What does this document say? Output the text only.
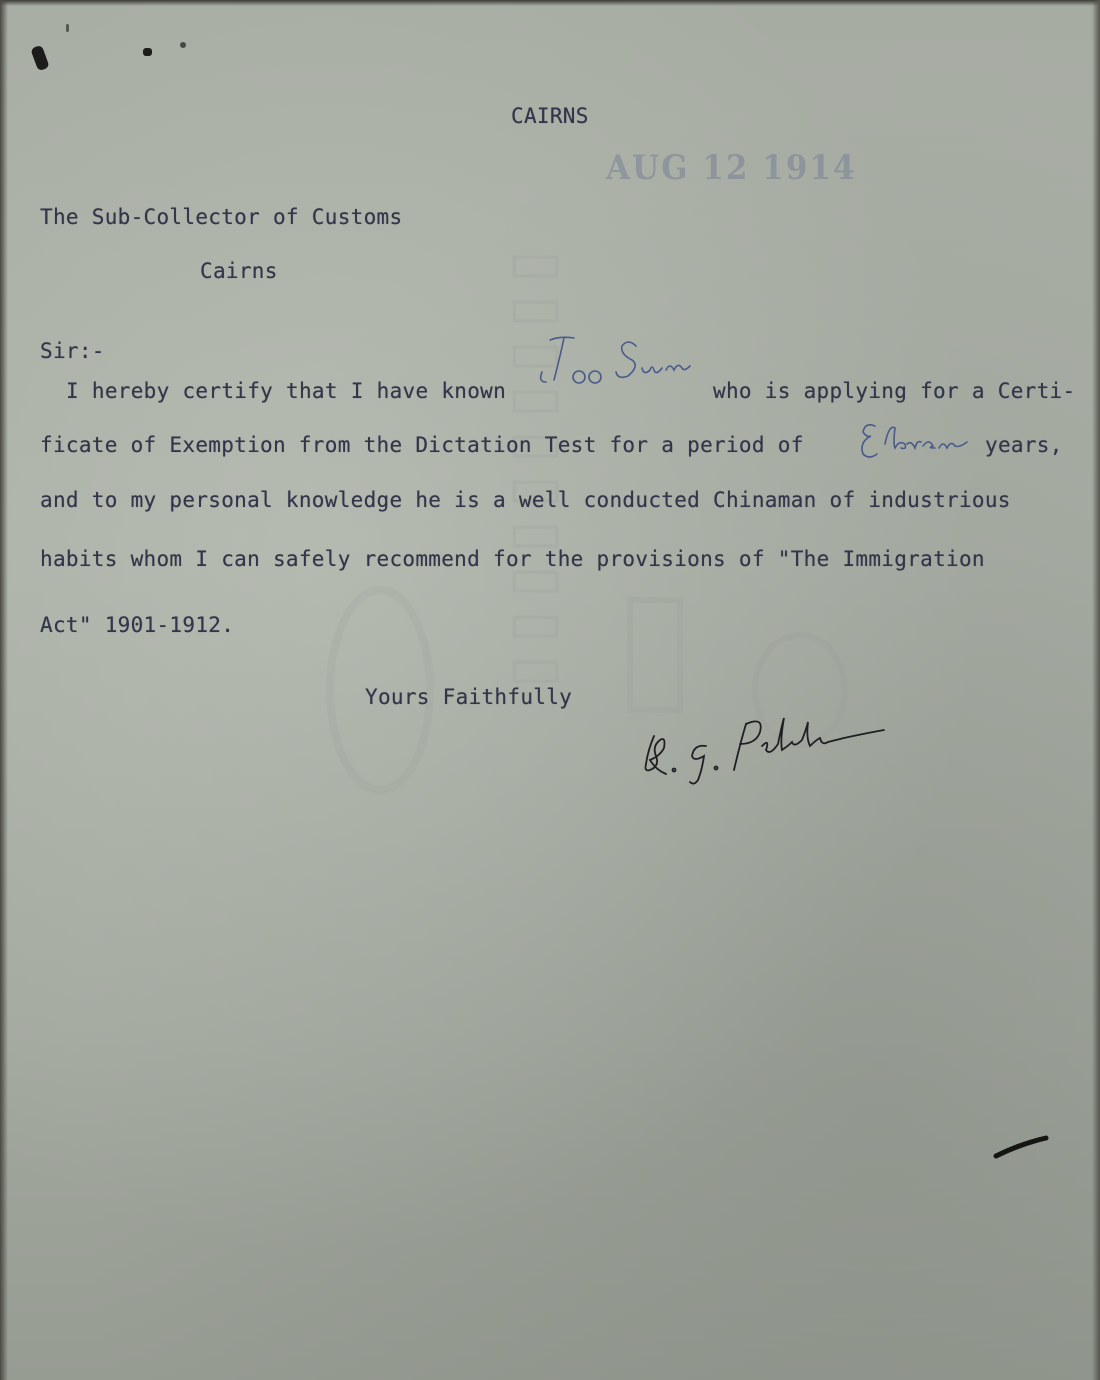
▯▯▯▯▯▯▯▯▯▯
CAIRNS
AUG 12 1914
The Sub-Collector of Customs
Cairns
Sir:-
I hereby certify that I have known	who is applying for a Certi-
ficate of Exemption from the Dictation Test for a period of	years,
and to my personal knowledge he is a well conducted Chinaman of industrious
habits whom I can safely recommend for the provisions of "The Immigration
Act" 1901-1912.
Yours Faithfully
